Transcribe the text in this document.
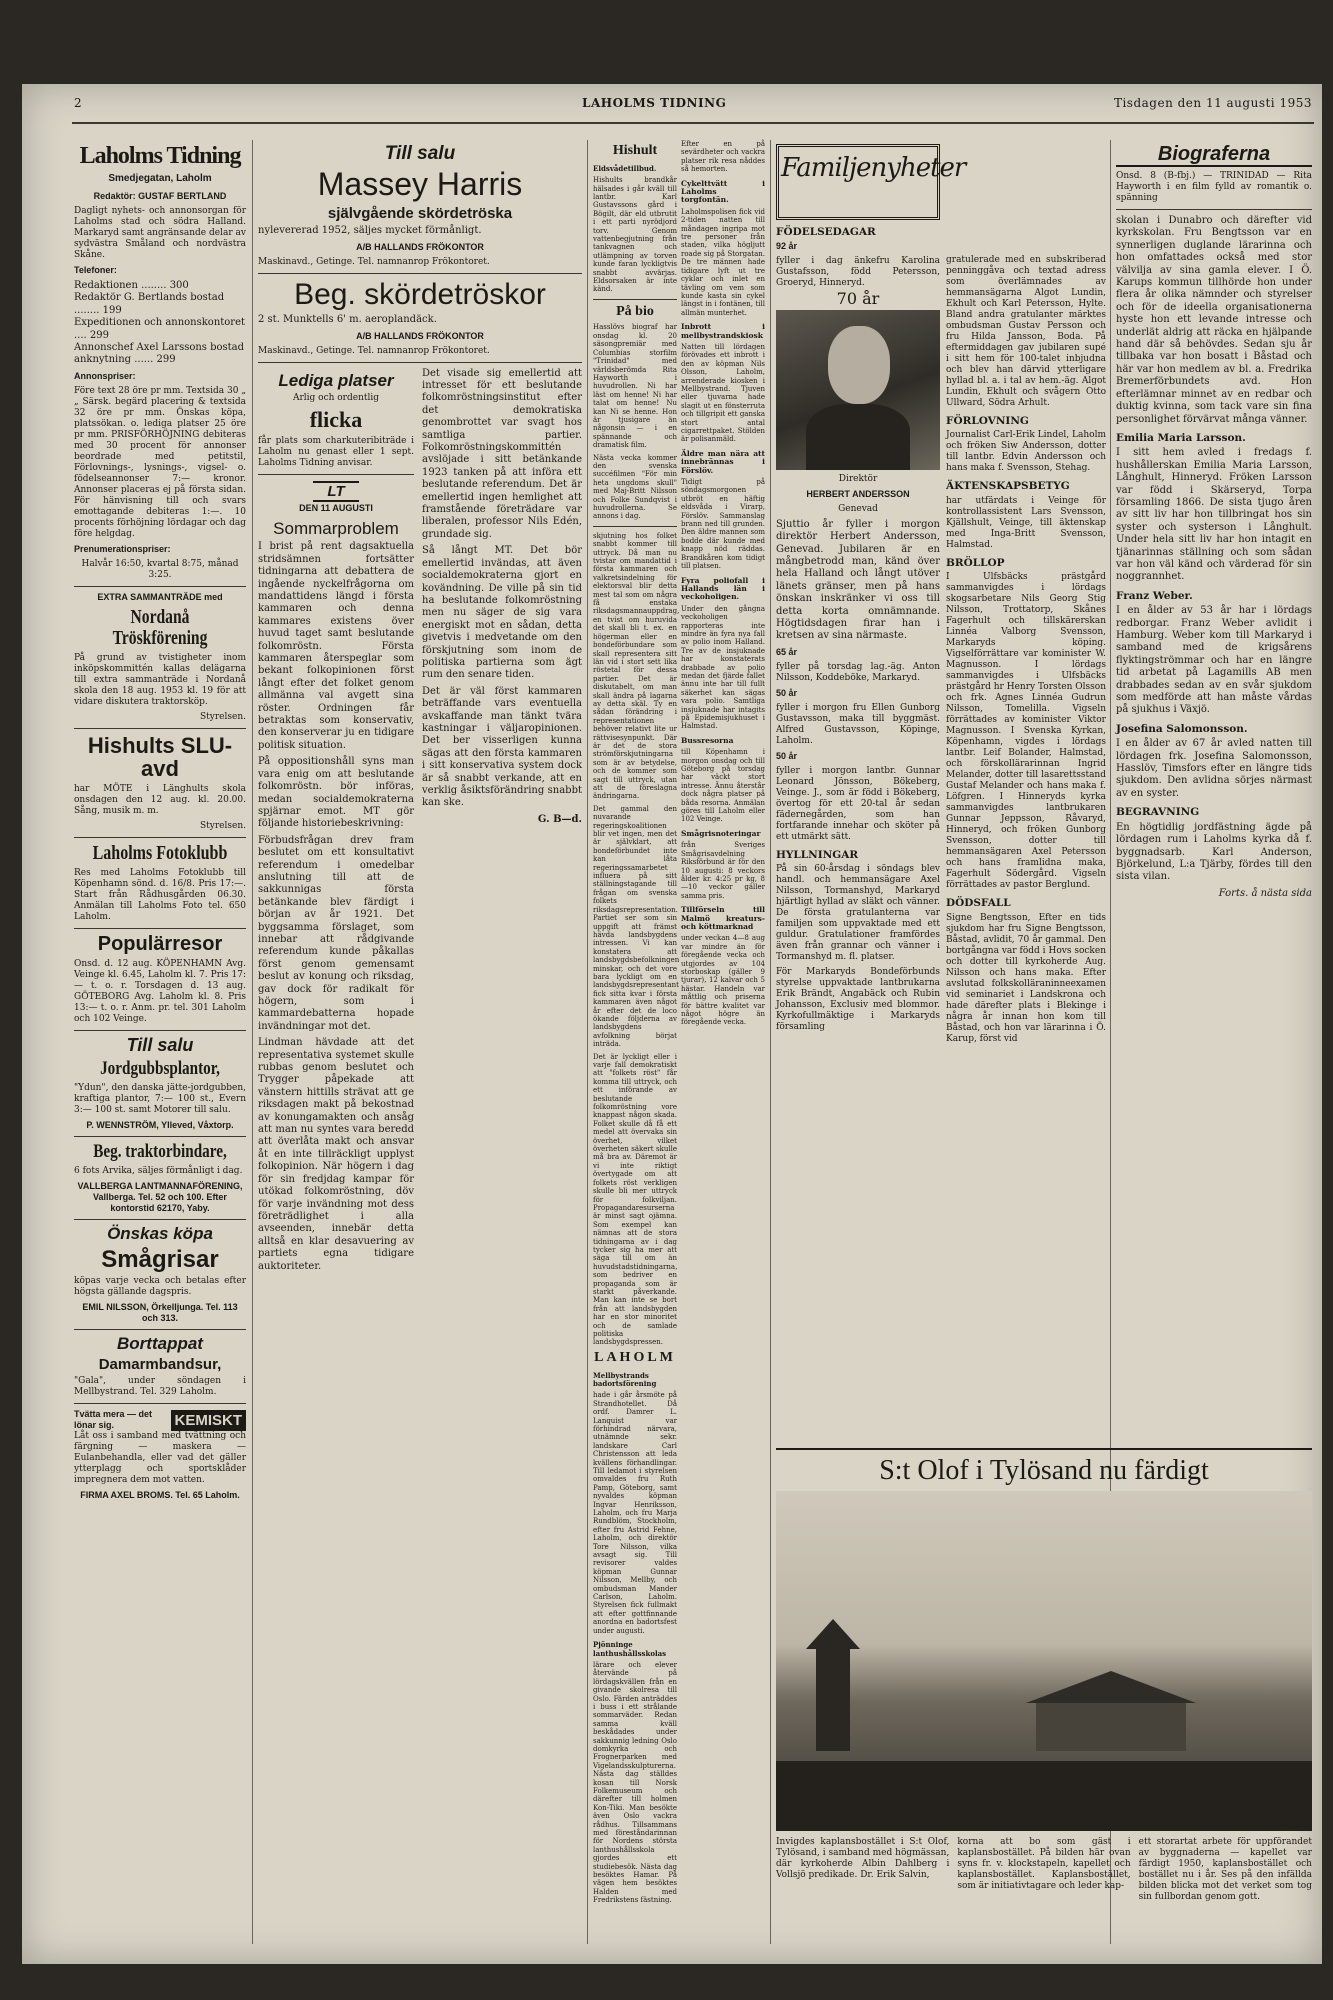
2	LAHOLMS TIDNING	Tisdagen den 11 augusti 1953
Laholms Tidning

Smedjegatan, Laholm

Redaktör: GUSTAF BERTLAND

Dagligt nyhets- och annonsorgan för Laholms stad och södra Halland. Markaryd samt angränsande delar av sydvästra Småland och nordvästra Skåne.

Telefoner:

Redaktionen ........ 300
Redaktör G. Bertlands bostad ........ 199
Expeditionen och annonskontoret .... 299
Annonschef Axel Larssons bostad anknytning ...... 299

Annonspriser:

Före text 28 öre pr mm. Textsida 30 „ „ Särsk. begärd placering & textsida 32 öre pr mm. Önskas köpa, platssökan. o. lediga platser 25 öre pr mm. PRISFÖRHÖJNING debiteras med 30 procent för annonser beordrade med petitstil, Förlovnings-, lysnings-, vigsel- o. födelseannonser 7:— kronor. Annonser placeras ej på första sidan. För hänvisning till och svars emottagande debiteras 1:—. 10 procents förhöjning lördagar och dag före helgdag.

Prenumerationspriser:

Halvår 16:50, kvartal 8:75, månad 3:25.

EXTRA SAMMANTRÄDE med

Nordanå Tröskförening

På grund av tvistigheter inom inköpskommittén kallas delägarna till extra sammanträde i Nordanå skola den 18 aug. 1953 kl. 19 för att vidare diskutera traktorsköp.

Styrelsen.

Hishults SLU-avd

har MÖTE i Länghults skola onsdagen den 12 aug. kl. 20.00. Sång, musik m. m.

Styrelsen.

Laholms Fotoklubb

Res med Laholms Fotoklubb till Köpenhamn sönd. d. 16/8. Pris 17:—. Start från Rådhusgården 06.30. Anmälan till Laholms Foto tel. 650 Laholm.

Populärresor

Onsd. d. 12 aug. KÖPENHAMN Avg. Veinge kl. 6.45, Laholm kl. 7. Pris 17:— t. o. r. Torsdagen d. 13 aug. GÖTEBORG Avg. Laholm kl. 8. Pris 13:— t. o. r. Anm. pr. tel. 301 Laholm och 102 Veinge.

Till salu
Jordgubbsplantor,

"Ydun", den danska jätte-jordgubben, kraftiga plantor, 7:— 100 st., Evern 3:— 100 st. samt Motorer till salu.

P. WENNSTRÖM, Ylleved, Våxtorp.

Beg. traktorbindare,

6 fots Arvika, säljes förmånligt i dag.

VALLBERGA LANTMANNAFÖRENING, Vallberga. Tel. 52 och 100. Efter kontorstid 62170, Yaby.

Önskas köpa
Smågrisar

köpas varje vecka och betalas efter högsta gällande dagspris.

EMIL NILSSON, Örkelljunga. Tel. 113 och 313.

Borttappat
Damarmbandsur,

"Gala", under söndagen i Mellbystrand. Tel. 329 Laholm.

Tvätta mera — det lönar sig.	KEMISKT

Låt oss i samband med tvättning och färgning — maskera — Eulanbehandla, eller vad det gäller ytterplagg och sportsklåder impregnera dem mot vatten.

FIRMA AXEL BROMS. Tel. 65 Laholm.

Till salu
Massey Harris
självgående skördetröska

nylevererad 1952, säljes mycket förmånligt.

A/B HALLANDS FRÖKONTOR

Maskinavd., Getinge. Tel. namnanrop Frökontoret.

Beg. skördetröskor

2 st. Munktells 6' m. aeroplandäck.

A/B HALLANDS FRÖKONTOR

Maskinavd., Getinge. Tel. namnanrop Frökontoret.

Lediga platser

Arlig och ordentlig

flicka

får plats som charkuteribiträde i Laholm nu genast eller 1 sept. Laholms Tidning anvisar.

LT
DEN 11 AUGUSTI
Sommarproblem

I brist på rent dagsaktuella stridsämnen fortsätter tidningarna att debattera de ingående nyckelfrågorna om mandattidens längd i första kammaren och denna kammares existens över huvud taget samt beslutande folkomröstn. Första kammaren återspeglar som bekant folkopinionen först långt efter det folket genom allmänna val avgett sina röster. Ordningen får betraktas som konservativ, den konserverar ju en tidigare politisk situation.

På oppositionshåll syns man vara enig om att beslutande folkomröstn. bör införas, medan socialdemokraterna spjärnar emot. MT gör följande historiebeskrivning:

Förbudsfrågan drev fram beslutet om ett konsultativt referendum i omedelbar anslutning till att de sakkunnigas första betänkande blev färdigt i början av år 1921. Det byggsamma förslaget, som innebar att rådgivande referendum kunde påkallas först genom gemensamt beslut av konung och riksdag, gav dock för radikalt för högern, som i kammardebatterna hopade invändningar mot det.

Lindman hävdade att det representativa systemet skulle rubbas genom beslutet och Trygger påpekade att vänstern hittills strävat att ge riksdagen makt på bekostnad av konungamakten och ansåg att man nu syntes vara beredd att överlåta makt och ansvar åt en inte tillräckligt upplyst folkopinion. När högern i dag för sin fredjdag kampar för utökad folkomröstning, döv för varje invändning mot dess företrädlighet i alla avseenden, innebär detta alltså en klar desavuering av partiets egna tidigare auktoriteter.

Det visade sig emellertid att intresset för ett beslutande folkomröstningsinstitut efter det demokratiska genombrottet var svagt hos samtliga partier. Folkomröstningskommittén avslöjade i sitt betänkande 1923 tanken på att införa ett beslutande referendum. Det är emellertid ingen hemlighet att framstående företrädare var liberalen, professor Nils Edén, grundade sig.

Så långt MT. Det bör emellertid invändas, att även socialdemokraterna gjort en kovändning. De ville på sin tid ha beslutande folkomröstning men nu säger de sig vara energiskt mot en sådan, detta givetvis i medvetande om den förskjutning som inom de politiska partierna som ägt rum den senare tiden.

Det är väl först kammaren beträffande vars eventuella avskaffande man tänkt tvära kastningar i väljaropinionen. Det ber visserligen kunna sägas att den första kammaren i sitt konservativa system dock är så snabbt verkande, att en verklig åsiktsförändring snabbt kan ske.

G. B—d.

Hishult

Eldsvådetillbud.

Hishults brandkår hälsades i går kväll till lantbr. Karl Gustavssons gård i Bögilt, där eld utbrutit i ett parti nyrödjord torv. Genom vattenbegjutning från tankvagnen och utlämpning av torven kunde faran lyckligtvis snabbt avvärjas. Eldsorsaken är inte känd.

På bio

Hasslövs biograf har onsdag kl. 20 säsongpremiär med Columbias storfilm "Trinidad" med världsberömda Rita Hayworth i huvudrollen. Ni har läst om henne! Ni har talat om henne! Nu kan Ni se henne. Hon är tjusigare än någonsin — i en spännande och dramatisk film.

Nästa vecka kommer den svenska succéfilmen "För min heta ungdoms skull" med Maj-Britt Nilsson och Folke Sundqvist i huvudrollerna. Se annons i dag.

skjutning hos folket snabbt kommer till uttryck. Då man nu tvistar om mandattid i första kammaren och valkretsindelning för elektorsval blir detta mest tal som om några få enstaka riksdagsmannauppdrag, en tvist om huruvida det skall bli t. ex. en högerman eller en bondeförbundare som skall representera sitt län vid i stort sett lika röstetal för dessa partier. Det är diskutabelt, om man skall ändra på lagarna av detta skäl. Ty en sådan förändring i representationen behöver relativt lite ur rättvisesynpunkt. Där är det de stora strömförskjutningarna som är av betydelse, och de kommer som sagt till uttryck, utan att de föreslagna ändringarna.

Det gammal den nuvarande regeringskoalitionen blir vet ingen, men det är självklart, att bondeförbundet inte kan låta regeringssamarbetet influera på sitt ställningstagande till frågan om svenska folkets riksdagsrepresentation. Partiet ser som sin uppgift att främst hävda landsbygdens intressen. Vi kan konstatera att landsbygdsbefolkningen minskar, och det vore bara lyckligt om en landsbygdsrepresentant fick sitta kvar i första kammaren även något år efter det de loco ökande följderna av landsbygdens avfolkning börjat inträda.

Det är lyckligt eller i varje fall demokratiskt att "folkets röst" får komma till uttryck, och ett införande av beslutande folkomröstning vore knappast någon skada. Folket skulle då få ett medel att övervaka sin överhet, vilket överheten säkert skulle må bra av. Däremot är vi inte riktigt övertygade om att folkets röst verkligen skulle bli mer uttryck för folkviljan. Propagandaresurserna är minst sagt ojämna. Som exempel kan nämnas att de stora tidningarna av i dag tycker sig ha mer att säga till om än huvudstadstidningarna, som bedriver en propaganda som är starkt påverkande. Man kan inte se bort från att landsbygden har en stor minoritet och de samlade politiska landsbygdspressen.

LAHOLM

Mellbystrands badortsförening

hade i går årsmöte på Strandhotellet. Då ordf. Damrer L. Lanquist var förhindrad närvara, utnämnde sekr. landskare Carl Christensson att leda kvällens förhandlingar. Till ledamot i styrelsen omvaldes fru Ruth Pamp, Göteborg, samt nyvaldes köpman Ingvar Henriksson, Laholm, och fru Marja Rundblöm, Stockholm, efter fru Astrid Fehne, Laholm, och direktör Tore Nilsson, vilka avsagt sig. Till revisorer valdes köpman Gunnar Nilsson, Mellby, och ombudsman Mander Carlson, Laholm. Styrelsen fick fullmakt att efter gottfinnande anordna en badortsfest under augusti.

Pjönninge lanthushållsskolas

lärare och elever återvände på lördagskvällen från en givande skolresa till Oslo. Färden anträddes i buss i ett strålande sommarväder. Redan samma kväll beskådades under sakkunnig ledning Oslo domkyrka och Frognerparken med Vigelandsskulpturerna. Nästa dag ställdes kosan till Norsk Folkemuseum och därefter till holmen Kon-Tiki. Man besökte även Oslo vackra rådhus. Tillsammans med föreståndarinnan för Nordens största lanthushållsskola gjordes ett studiebesök. Nästa dag besöktes Hamar. På vägen hem besöktes Halden med Fredrikstens fästning.

Familjenyheter

FÖDELSEDAGAR

92 år

fyller i dag änkefru Karolina Gustafsson, född Petersson, Groeryd, Hinneryd.

70 år

Direktör

HERBERT ANDERSSON

Genevad

Sjuttio år fyller i morgon direktör Herbert Andersson, Genevad. Jubilaren är en mångbetrodd man, känd över hela Halland och långt utöver länets gränser, men på hans önskan inskränker vi oss till detta korta omnämnande. Högtidsdagen firar han i kretsen av sina närmaste.

65 år

fyller på torsdag lag.-äg. Anton Nilsson, Koddeböke, Markaryd.

50 år

fyller i morgon fru Ellen Gunborg Gustavsson, maka till byggmäst. Alfred Gustavsson, Köpinge, Laholm.

50 år

fyller i morgon lantbr. Gunnar Leonard Jönsson, Bökeberg, Veinge. J., som är född i Bökeberg, övertog för ett 20-tal år sedan fädernegården, som han fortfarande innehar och sköter på ett utmärkt sätt.

HYLLNINGAR

På sin 60-årsdag i söndags blev handl. och hemmansägare Axel Nilsson, Tormanshyd, Markaryd hjärtligt hyllad av släkt och vänner. De första gratulanterna var familjen som uppvaktade med ett guldur. Gratulationer framfördes även från grannar och vänner i Tormanshyd m. fl. platser.

För Markaryds Bondeförbunds styrelse uppvaktade lantbrukarna Erik Brändt, Angabäck och Rubin Johansson, Exclusiv med blommor. Kyrkofullmäktige i Markaryds församling

gratulerade med en subskriberad penninggåva och textad adress som överlämnades av hemmansägarna Algot Lundin, Ekhult och Karl Petersson, Hylte. Bland andra gratulanter märktes ombudsman Gustav Persson och fru Hilda Jansson, Boda. På eftermiddagen gav jubilaren supé i sitt hem för 100-talet inbjudna och blev han därvid ytterligare hyllad bl. a. i tal av hem.-äg. Algot Lundin, Ekhult och svågern Otto Ullward, Södra Arhult.

FÖRLOVNING

Journalist Carl-Erik Lindel, Laholm och fröken Siw Andersson, dotter till lantbr. Edvin Andersson och hans maka f. Svensson, Stehag.

ÄKTENSKAPSBETYG

har utfärdats i Veinge för kontrollassistent Lars Svensson, Kjällshult, Veinge, till äktenskap med Inga-Britt Svensson, Halmstad.

BRÖLLOP

I Ulfsbäcks prästgård sammanvigdes i lördags skogsarbetare Nils Georg Stig Nilsson, Trottatorp, Skånes Fagerhult och tillskärerskan Linnéa Valborg Svensson, Markaryds köping. Vigselförrättare var kominister W. Magnusson. I lördags sammanvigdes i Ulfsbäcks prästgård hr Henry Torsten Olsson och frk. Agnes Linnéa Gudrun Nilsson, Tomelilla. Vigseln förrättades av kominister Viktor Magnusson. I Svenska Kyrkan, Köpenhamn, vigdes i lördags lantbr. Leif Bolander, Halmstad, och förskollärarinnan Ingrid Melander, dotter till lasarettsstand Gustaf Melander och hans maka f. Löfgren. I Hinneryds kyrka sammanvigdes lantbrukaren Gunnar Jeppsson, Råvaryd, Hinneryd, och fröken Gunborg Svensson, dotter till hemmansägaren Axel Petersson och hans framlidna maka, Fagerhult Södergård. Vigseln förrättades av pastor Berglund.

DÖDSFALL

Signe Bengtsson, Efter en tids sjukdom har fru Signe Bengtsson, Båstad, avlidit, 70 år gammal. Den bortgångna var född i Hovs socken och dotter till kyrkoherde Aug. Nilsson och hans maka. Efter avslutad folkskolläraninneexamen vid seminariet i Landskrona och hade därefter plats i Blekinge i några år innan hon kom till Båstad, och hon var lärarinna i Ö. Karup, först vid

Biograferna

Onsd. 8 (B-fbj.) — TRINIDAD — Rita Hayworth i en film fylld av romantik o. spänning

skolan i Dunabro och därefter vid kyrkskolan. Fru Bengtsson var en synnerligen duglande lärarinna och hon omfattades också med stor välvilja av sina gamla elever. I Ö. Karups kommun tillhörde hon under flera år olika nämnder och styrelser och för de ideella organisationerna hyste hon ett levande intresse och underlät aldrig att räcka en hjälpande hand där så behövdes. Sedan sju år tillbaka var hon bosatt i Båstad och här var hon medlem av bl. a. Fredrika Bremerförbundets avd. Hon efterlämnar minnet av en redbar och duktig kvinna, som tack vare sin fina personlighet förvärvat många vänner.

Emilia Maria Larsson.

I sitt hem avled i fredags f. hushållerskan Emilia Maria Larsson, Långhult, Hinneryd. Fröken Larsson var född i Skärseryd, Torpa församling 1866. De sista tjugo åren av sitt liv har hon tillbringat hos sin syster och systerson i Långhult. Under hela sitt liv har hon intagit en tjänarinnas ställning och som sådan var hon väl känd och värderad för sin noggrannhet.

Franz Weber.

I en ålder av 53 år har i lördags redborgar. Franz Weber avlidit i Hamburg. Weber kom till Markaryd i samband med de krigsårens flyktingströmmar och har en längre tid arbetat på Lagamills AB men drabbades sedan av en svår sjukdom som medförde att han måste vårdas på sjukhus i Växjö.

Josefina Salomonsson.

I en ålder av 67 år avled natten till lördagen frk. Josefina Salomonsson, Hasslöv, Timsfors efter en längre tids sjukdom. Den avlidna sörjes närmast av en syster.

BEGRAVNING

En högtidlig jordfästning ägde på lördagen rum i Laholms kyrka då f. byggnadsarb. Karl Anderson, Björkelund, L:a Tjärby, fördes till den sista vilan.

Forts. å nästa sida

S:t Olof i Tylösand nu färdigt

Invigdes kaplansbostället i S:t Olof, Tylösand, i samband med högmässan, där kyrkoherde Albin Dahlberg i Vollsjö predikade. Dr. Erik Salvin,

korna att bo som gäst i kaplansbostället. På bilden här ovan syns fr. v. klockstapeln, kapellet och kaplansbostället. Kaplansbostället, som är initiativtagare och leder kap-

ett storartat arbete för uppförandet av byggnaderna — kapellet var färdigt 1950, kaplansbostället och bostället nu i år. Ses på den infällda bilden blicka mot det verket som tog sin fullbordan genom gott.

Efter en på sevärdheter och vackra platser rik resa nåddes så hemorten.

Cykelttvätt i Laholms torgfontän.

Laholmspolisen fick vid 2-tiden natten till måndagen ingripa mot tre personer från staden, vilka högljutt roade sig på Storgatan. De tre männen hade tidigare lyft ut tre cyklar och inlet en tävling om vem som kunde kasta sin cykel längst in i fontänen, till allmän munterhet.

Inbrott i mellbystrandskiosk

Natten till lördagen förövades ett inbrott i den av köpman Nils Olsson, Laholm, arrenderade kiosken i Mellbystrand. Tjuven eller tjuvarna hade slagit ut en fönsterruta och tillgripit ett ganska stort antal cigarrettpaket. Stölden är polisanmäld.

Äldre man nära att innebrännas i Förslöv.

Tidigt på söndagsmorgonen utbröt en häftig eldsvåda i Virarp, Förslöv. Sammanslag brann ned till grunden. Den äldre mannen som bodde där kunde med knapp nöd räddas. Brandkåren kom tidigt till platsen.

Fyra poliofall i Hallands län i veckoholigen.

Under den gångna veckoholigen rapporteras inte mindre än fyra nya fall av polio inom Halland. Tre av de insjuknade har konstaterats drabbade av polio medan det fjärde fallet ännu inte har till fullt säkerhet kan sägas vara polio. Samtliga insjuknade har intagits på Epidemisjukhuset i Halmstad.

Bussresorna

till Köpenhamn i morgon onsdag och till Göteborg på torsdag har väckt stort intresse. Ännu återstår dock några platser på båda resorna. Anmälan göres till Laholm eller 102 Veinge.

Smågrisnoteringar

från Sveriges Smågrisavdelning Riksförbund är för den 10 augusti: 8 veckors ålder kr. 4:25 pr kg, 8—10 veckor gäller samma pris.

Tillförseln till Malmö kreaturs- och köttmarknad

under veckan 4—8 aug var mindre än för föregående vecka och utgjordes av 104 storboskap (gäller 9 tjurar), 12 kalvar och 5 hästar. Handeln var måttlig och priserna för bättre kvalitet var något högre än föregående vecka.
